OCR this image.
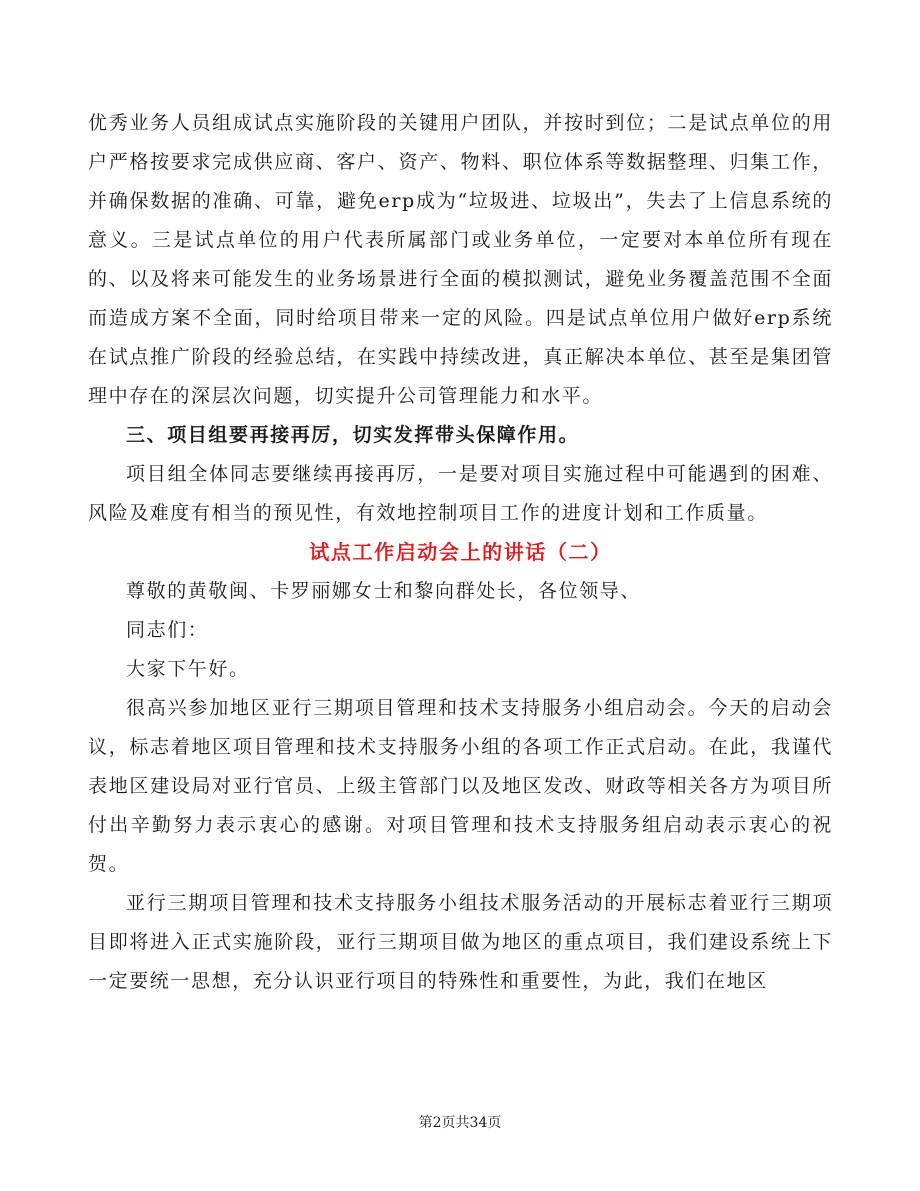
优秀业务人员组成试点实施阶段的关键用户团队，并按时到位；二是试点单位的用户严格按要求完成供应商、客户、资产、物料、职位体系等数据整理、归集工作，并确保数据的准确、可靠，避免erp成为“垃圾进、垃圾出”，失去了上信息系统的意义。三是试点单位的用户代表所属部门或业务单位，一定要对本单位所有现在的、以及将来可能发生的业务场景进行全面的模拟测试，避免业务覆盖范围不全面而造成方案不全面，同时给项目带来一定的风险。四是试点单位用户做好erp系统在试点推广阶段的经验总结，在实践中持续改进，真正解决本单位、甚至是集团管理中存在的深层次问题，切实提升公司管理能力和水平。

三、项目组要再接再厉，切实发挥带头保障作用。

项目组全体同志要继续再接再厉，一是要对项目实施过程中可能遇到的困难、风险及难度有相当的预见性，有效地控制项目工作的进度计划和工作质量。

试点工作启动会上的讲话（二）

尊敬的黄敬闽、卡罗丽娜女士和黎向群处长，各位领导、

同志们：

大家下午好。

很高兴参加地区亚行三期项目管理和技术支持服务小组启动会。今天的启动会议，标志着地区项目管理和技术支持服务小组的各项工作正式启动。在此，我谨代表地区建设局对亚行官员、上级主管部门以及地区发改、财政等相关各方为项目所付出辛勤努力表示衷心的感谢。对项目管理和技术支持服务组启动表示衷心的祝贺。

亚行三期项目管理和技术支持服务小组技术服务活动的开展标志着亚行三期项目即将进入正式实施阶段，亚行三期项目做为地区的重点项目，我们建设系统上下一定要统一思想，充分认识亚行项目的特殊性和重要性，为此，我们在地区

第2页共34页
